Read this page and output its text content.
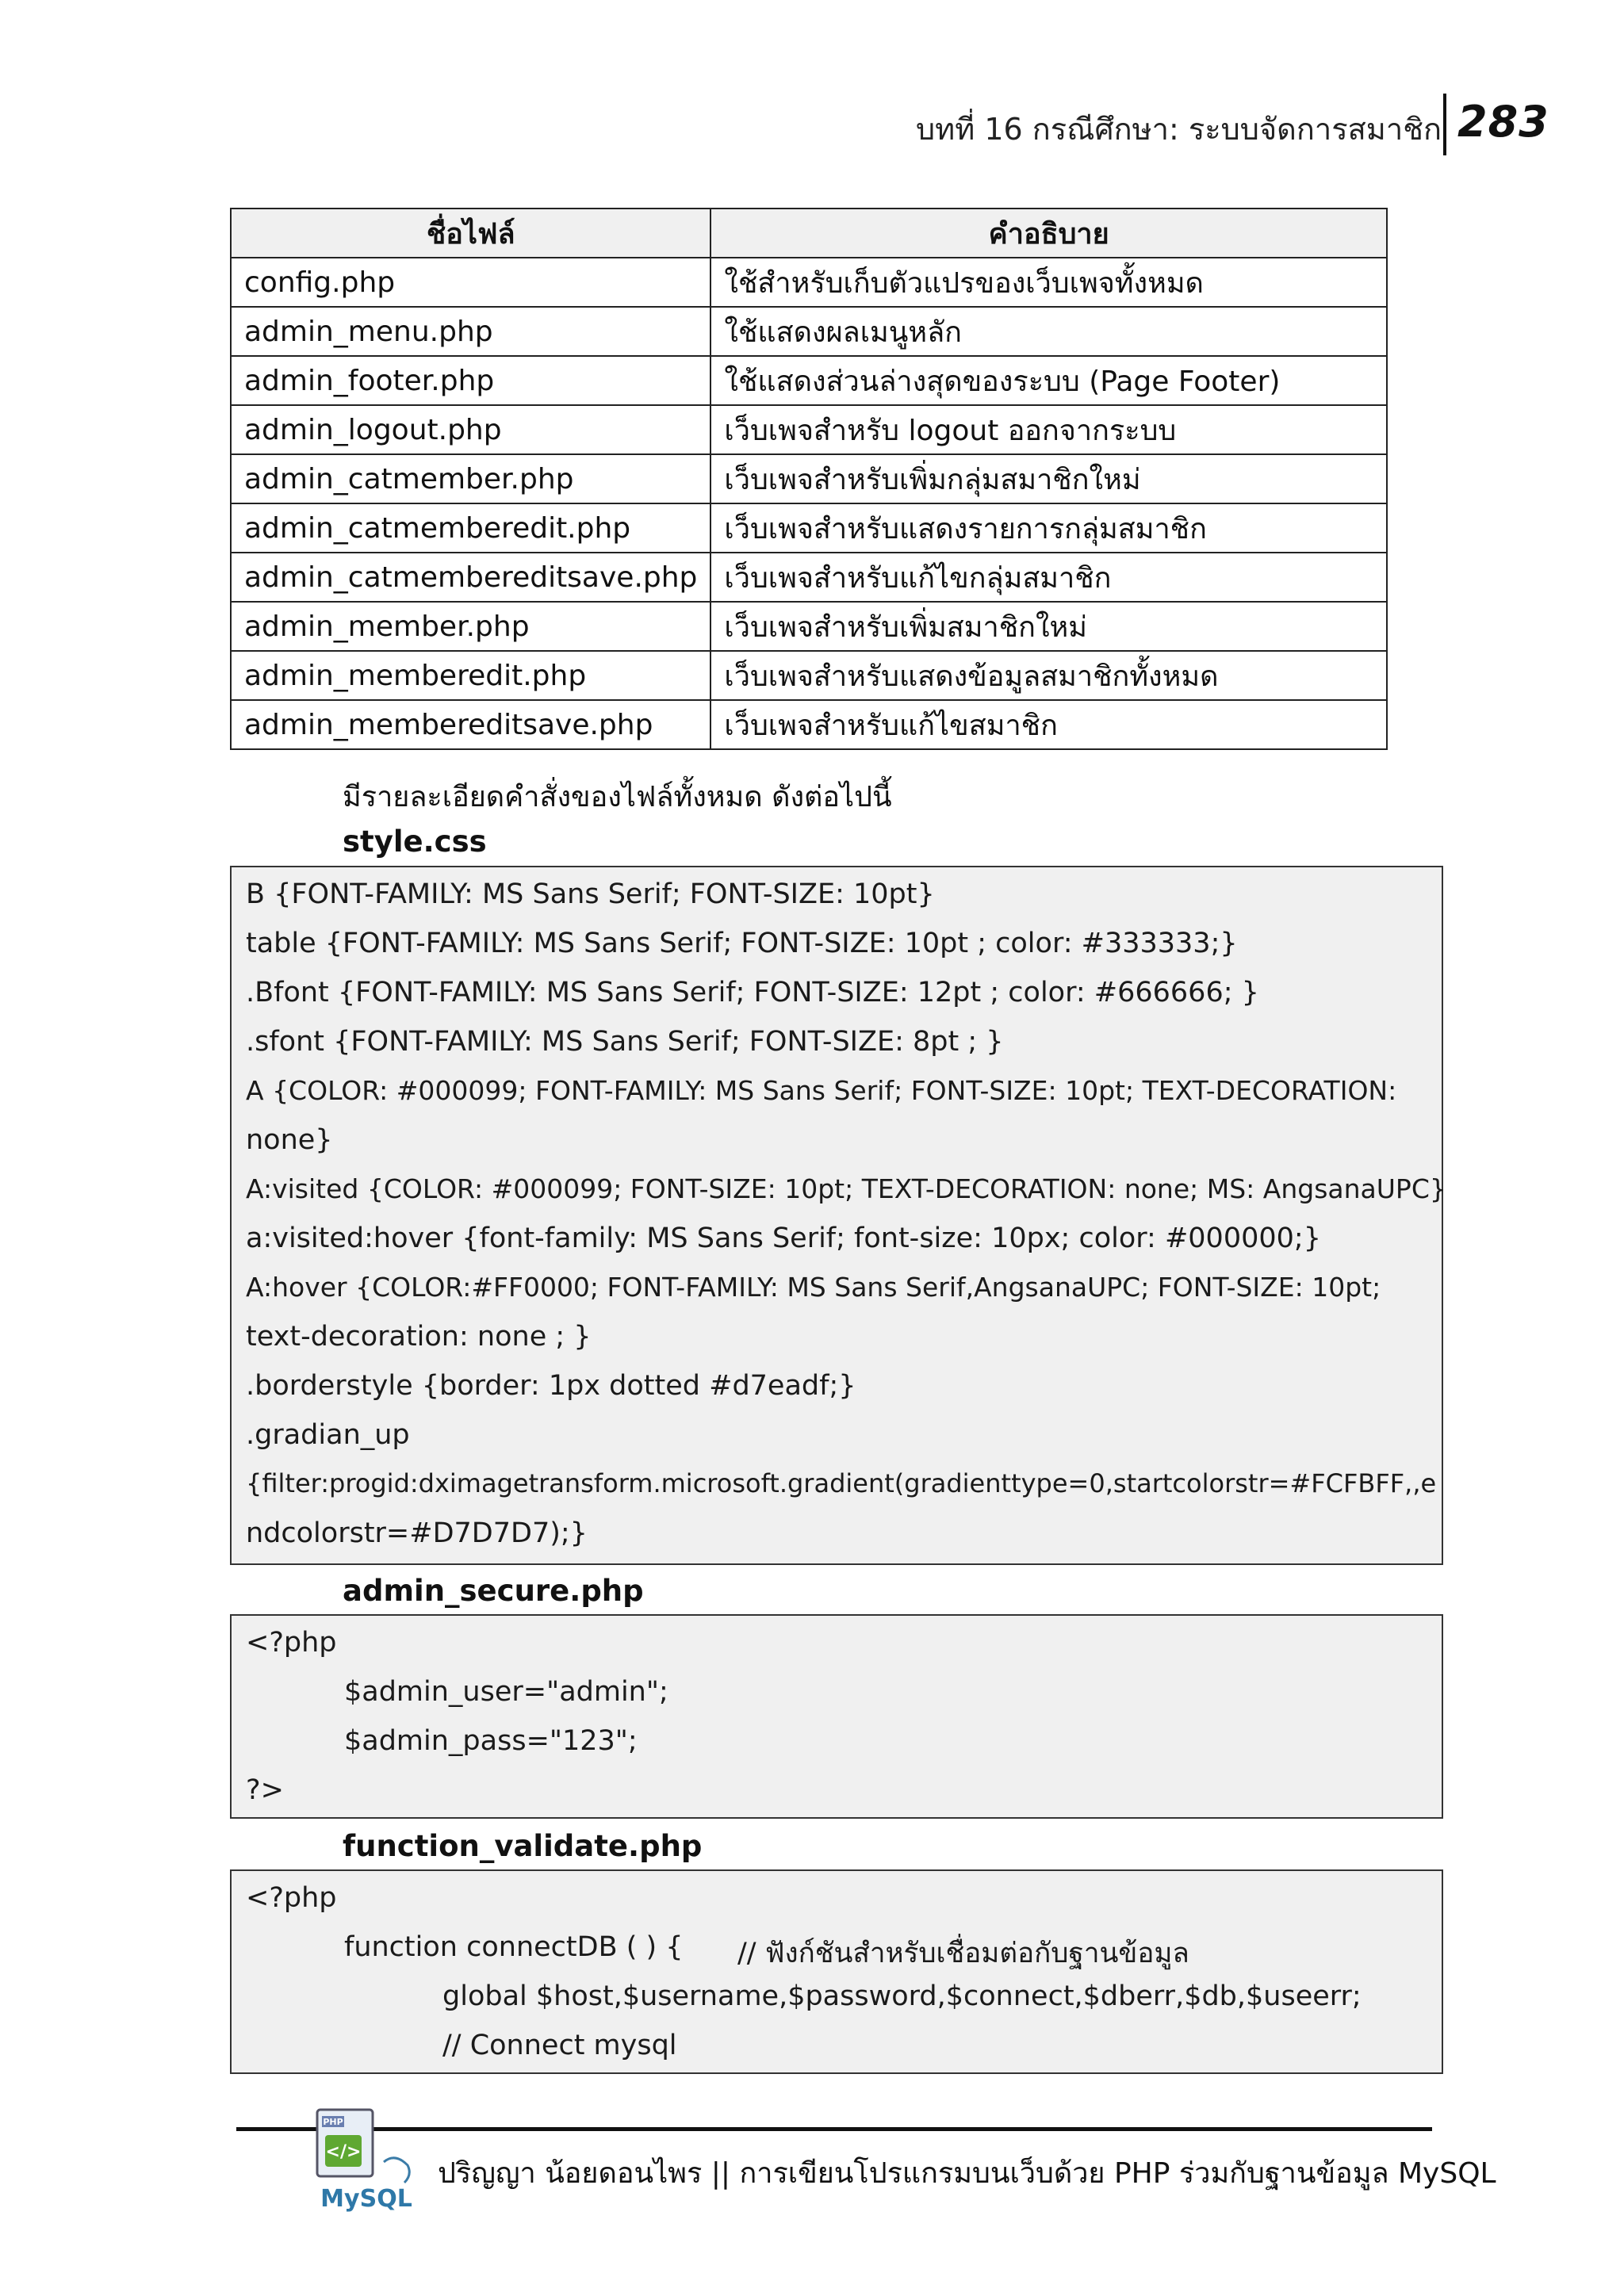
บทที่ 16 กรณีศึกษา: ระบบจัดการสมาชิก 283
ชื่อไฟล์	คำอธิบาย
config.php	ใช้สำหรับเก็บตัวแปรของเว็บเพจทั้งหมด
admin_menu.php	ใช้แสดงผลเมนูหลัก
admin_footer.php	ใช้แสดงส่วนล่างสุดของระบบ (Page Footer)
admin_logout.php	เว็บเพจสำหรับ logout ออกจากระบบ
admin_catmember.php	เว็บเพจสำหรับเพิ่มกลุ่มสมาชิกใหม่
admin_catmemberedit.php	เว็บเพจสำหรับแสดงรายการกลุ่มสมาชิก
admin_catmembereditsave.php	เว็บเพจสำหรับแก้ไขกลุ่มสมาชิก
admin_member.php	เว็บเพจสำหรับเพิ่มสมาชิกใหม่
admin_memberedit.php	เว็บเพจสำหรับแสดงข้อมูลสมาชิกทั้งหมด
admin_membereditsave.php	เว็บเพจสำหรับแก้ไขสมาชิก
มีรายละเอียดคำสั่งของไฟล์ทั้งหมด ดังต่อไปนี้
style.css
B {FONT-FAMILY: MS Sans Serif; FONT-SIZE: 10pt}
table {FONT-FAMILY: MS Sans Serif; FONT-SIZE: 10pt ; color: #333333;}
.Bfont {FONT-FAMILY: MS Sans Serif; FONT-SIZE: 12pt ; color: #666666; }
.sfont {FONT-FAMILY: MS Sans Serif; FONT-SIZE: 8pt ; }
A {COLOR: #000099; FONT-FAMILY: MS Sans Serif; FONT-SIZE: 10pt; TEXT-DECORATION:
none}
A:visited {COLOR: #000099; FONT-SIZE: 10pt; TEXT-DECORATION: none; MS: AngsanaUPC}
a:visited:hover {font-family: MS Sans Serif; font-size: 10px; color: #000000;}
A:hover {COLOR:#FF0000; FONT-FAMILY: MS Sans Serif,AngsanaUPC; FONT-SIZE: 10pt;
text-decoration: none ; }
.borderstyle {border: 1px dotted #d7eadf;}
.gradian_up
{filter:progid:dximagetransform.microsoft.gradient(gradienttype=0,startcolorstr=#FCFBFF,,e
ndcolorstr=#D7D7D7);}
admin_secure.php
<?php
$admin_user="admin";
$admin_pass="123";
?>
function_validate.php
<?php
function connectDB ( ) { // ฟังก์ชันสำหรับเชื่อมต่อกับฐานข้อมูล
global $host,$username,$password,$connect,$dberr,$db,$useerr;
// Connect mysql
PHP
</>
MySQL
ปริญญา น้อยดอนไพร || การเขียนโปรแกรมบนเว็บด้วย PHP ร่วมกับฐานข้อมูล MySQL
